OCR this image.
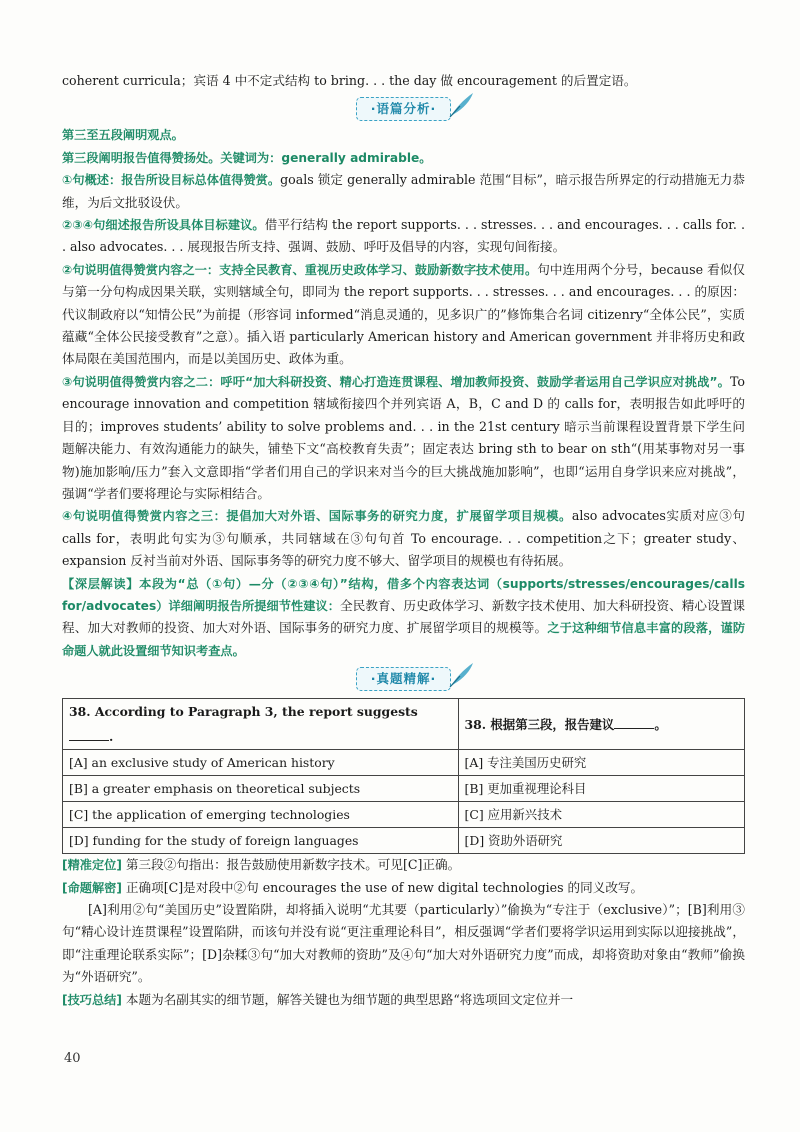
coherent curricula；宾语 4 中不定式结构 to bring. . . the day 做 encouragement 的后置定语。

·语篇分析·

第三至五段阐明观点。

第三段阐明报告值得赞扬处。关键词为：generally admirable。

①句概述：报告所设目标总体值得赞赏。goals 锁定 generally admirable 范围“目标”，暗示报告所界定的行动措施无力恭维，为后文批驳设伏。

②③④句细述报告所设具体目标建议。借平行结构 the report supports. . . stresses. . . and encourages. . . calls for. . . also advocates. . . 展现报告所支持、强调、鼓励、呼吁及倡导的内容，实现句间衔接。

②句说明值得赞赏内容之一：支持全民教育、重视历史政体学习、鼓励新数字技术使用。句中连用两个分号，because 看似仅与第一分句构成因果关联，实则辖域全句，即同为 the report supports. . . stresses. . . and encourages. . . 的原因：代议制政府以“知情公民”为前提（形容词 informed“消息灵通的，见多识广的”修饰集合名词 citizenry“全体公民”，实质蕴藏“全体公民接受教育”之意）。插入语 particularly American history and American government 并非将历史和政体局限在美国范围内，而是以美国历史、政体为重。

③句说明值得赞赏内容之二：呼吁“加大科研投资、精心打造连贯课程、增加教师投资、鼓励学者运用自己学识应对挑战”。To encourage innovation and competition 辖域衔接四个并列宾语 A，B，C and D 的 calls for，表明报告如此呼吁的目的；improves students’ ability to solve problems and. . . in the 21st century 暗示当前课程设置背景下学生问题解决能力、有效沟通能力的缺失，铺垫下文“高校教育失责”；固定表达 bring sth to bear on sth“(用某事物对另一事物)施加影响/压力”套入文意即指“学者们用自己的学识来对当今的巨大挑战施加影响”，也即“运用自身学识来应对挑战”，强调“学者们要将理论与实际相结合。

④句说明值得赞赏内容之三：提倡加大对外语、国际事务的研究力度，扩展留学项目规模。also advocates实质对应③句 calls for，表明此句实为③句顺承，共同辖域在③句句首 To encourage. . . competition之下；greater study、expansion 反衬当前对外语、国际事务等的研究力度不够大、留学项目的规模也有待拓展。

【深层解读】本段为“总（①句）—分（②③④句）”结构，借多个内容表达词（supports/stresses/encourages/calls for/advocates）详细阐明报告所提细节性建议：全民教育、历史政体学习、新数字技术使用、加大科研投资、精心设置课程、加大对教师的投资、加大对外语、国际事务的研究力度、扩展留学项目的规模等。之于这种细节信息丰富的段落，谨防命题人就此设置细节知识考查点。

·真题精解·
38. According to Paragraph 3, the report suggests .	38. 根据第三段，报告建议 。
[A] an exclusive study of American history	[A] 专注美国历史研究
[B] a greater emphasis on theoretical subjects	[B] 更加重视理论科目
[C] the application of emerging technologies	[C] 应用新兴技术
[D] funding for the study of foreign languages	[D] 资助外语研究

[精准定位] 第三段②句指出：报告鼓励使用新数字技术。可见[C]正确。

[命题解密] 正确项[C]是对段中②句 encourages the use of new digital technologies 的同义改写。

[A]利用②句“美国历史”设置陷阱，却将插入说明“尤其要（particularly）”偷换为“专注于（exclusive）”；[B]利用③句“精心设计连贯课程”设置陷阱，而该句并没有说“更注重理论科目”，相反强调“学者们要将学识运用到实际以迎接挑战”，即“注重理论联系实际”；[D]杂糅③句“加大对教师的资助”及④句“加大对外语研究力度”而成，却将资助对象由“教师”偷换为“外语研究”。

[技巧总结] 本题为名副其实的细节题，解答关键也为细节题的典型思路“将选项回文定位并一

40
